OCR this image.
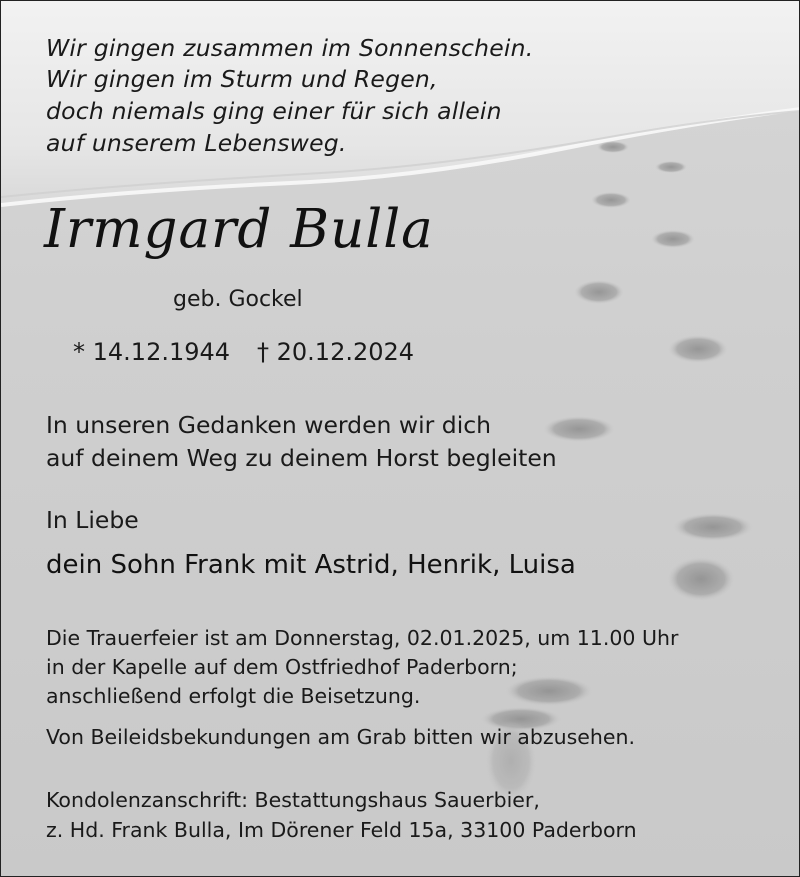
Wir gingen zusammen im Sonnenschein.
Wir gingen im Sturm und Regen,
doch niemals ging einer für sich allein
auf unserem Lebensweg.
Irmgard Bulla
geb. Gockel
* 14.12.1944 † 20.12.2024
In unseren Gedanken werden wir dich
auf deinem Weg zu deinem Horst begleiten
In Liebe
dein Sohn Frank mit Astrid, Henrik, Luisa
Die Trauerfeier ist am Donnerstag, 02.01.2025, um 11.00 Uhr
in der Kapelle auf dem Ostfriedhof Paderborn;
anschließend erfolgt die Beisetzung.
Von Beileidsbekundungen am Grab bitten wir abzusehen.
Kondolenzanschrift: Bestattungshaus Sauerbier,
z. Hd. Frank Bulla, Im Dörener Feld 15a, 33100 Paderborn
